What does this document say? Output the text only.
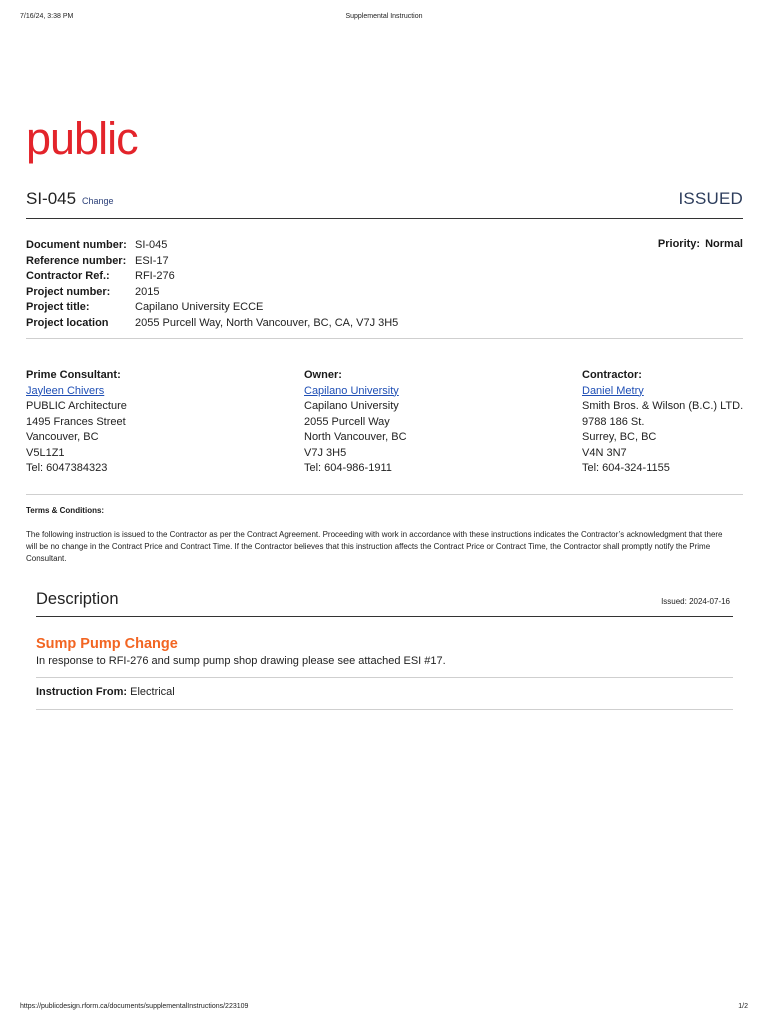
7/16/24, 3:38 PM	Supplemental Instruction
public
SI-045 Change	ISSUED
Document number: SI-045
Reference number: ESI-17
Contractor Ref.:	RFI-276
Project number:	2015
Project title:	Capilano University ECCE
Project location	2055 Purcell Way, North Vancouver, BC, CA, V7J 3H5
Priority: Normal
Prime Consultant:
Jayleen Chivers
PUBLIC Architecture
1495 Frances Street
Vancouver, BC
V5L1Z1
Tel: 6047384323
Owner:
Capilano University
Capilano University
2055 Purcell Way
North Vancouver, BC
V7J 3H5
Tel: 604-986-1911
Contractor:
Daniel Metry
Smith Bros. & Wilson (B.C.) LTD.
9788 186 St.
Surrey, BC, BC
V4N 3N7
Tel: 604-324-1155
Terms & Conditions:
The following instruction is issued to the Contractor as per the Contract Agreement. Proceeding with work in accordance with these instructions indicates the Contractor’s acknowledgment that there will be no change in the Contract Price and Contract Time. If the Contractor believes that this instruction affects the Contract Price or Contract Time, the Contractor shall promptly notify the Prime Consultant.
Description	Issued: 2024-07-16
Sump Pump Change
In response to RFI-276 and sump pump shop drawing please see attached ESI #17.
Instruction From: Electrical
https://publicdesign.rform.ca/documents/supplementalInstructions/223109	1/2
